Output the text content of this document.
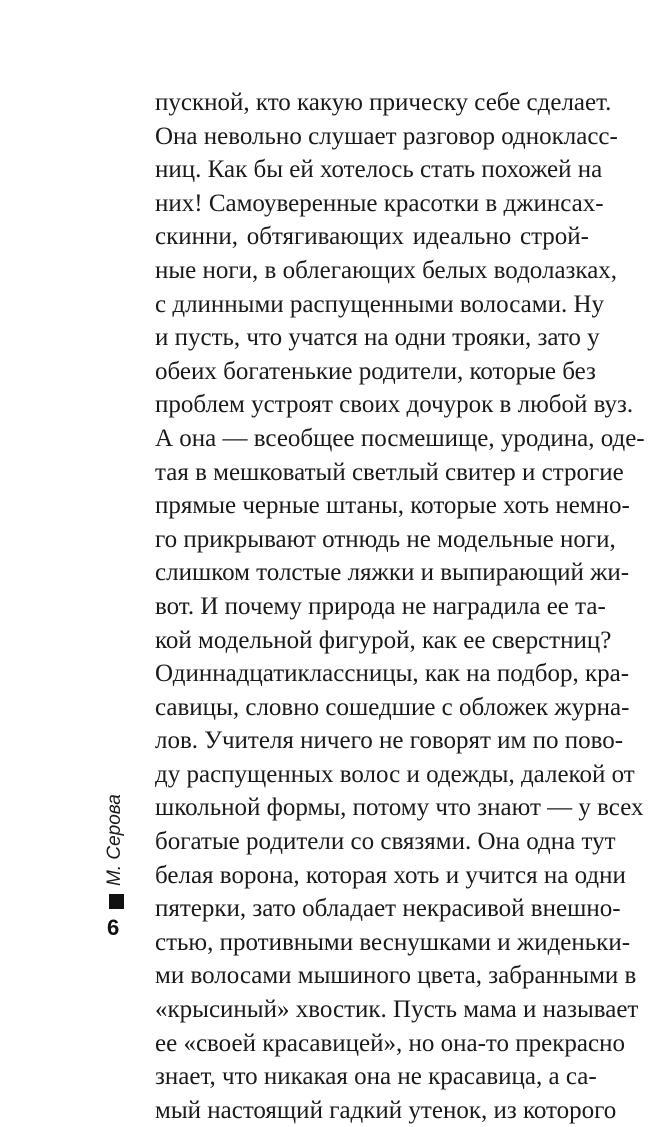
пускной, кто какую прическу себе сделает.
Она невольно слушает разговор однокласс-
ниц. Как бы ей хотелось стать похожей на
них! Самоуверенные красотки в джинсах-
скинни, обтягивающих идеально строй-
ные ноги, в облегающих белых водолазках,
с длинными распущенными волосами. Ну
и пусть, что учатся на одни трояки, зато у
обеих богатенькие родители, которые без
проблем устроят своих дочурок в любой вуз.
А она — всеобщее посмешище, уродина, оде-
тая в мешковатый светлый свитер и строгие
прямые черные штаны, которые хоть немно-
го прикрывают отнюдь не модельные ноги,
слишком толстые ляжки и выпирающий жи-
вот. И почему природа не наградила ее та-
кой модельной фигурой, как ее сверстниц?
Одиннадцатиклассницы, как на подбор, кра-
савицы, словно сошедшие с обложек журна-
лов. Учителя ничего не говорят им по пово-
ду распущенных волос и одежды, далекой от
школьной формы, потому что знают — у всех
богатые родители со связями. Она одна тут
белая ворона, которая хоть и учится на одни
пятерки, зато обладает некрасивой внешно-
стью, противными веснушками и жиденьки-
ми волосами мышиного цвета, забранными в
«крысиный» хвостик. Пусть мама и называет
ее «своей красавицей», но она-то прекрасно
знает, что никакая она не красавица, а са-
мый настоящий гадкий утенок, из которого
М. Серова
6
